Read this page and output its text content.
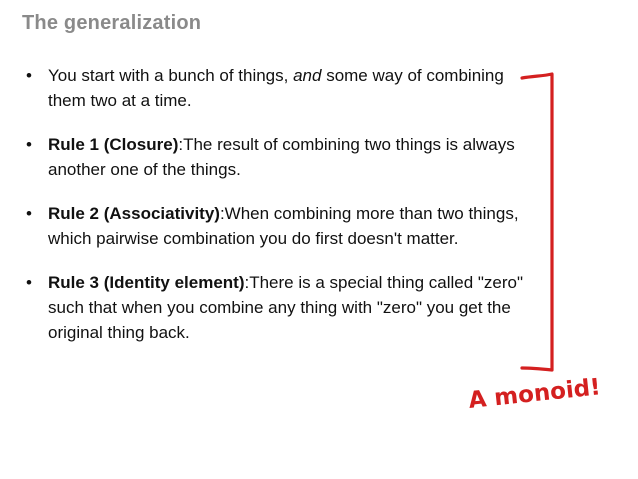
The generalization
• You start with a bunch of things, and some way of combining them two at a time.
• Rule 1 (Closure):The result of combining two things is always another one of the things.
• Rule 2 (Associativity):When combining more than two things, which pairwise combination you do first doesn't matter.
• Rule 3 (Identity element):There is a special thing called "zero" such that when you combine any thing with "zero" you get the original thing back.
A monoid!
